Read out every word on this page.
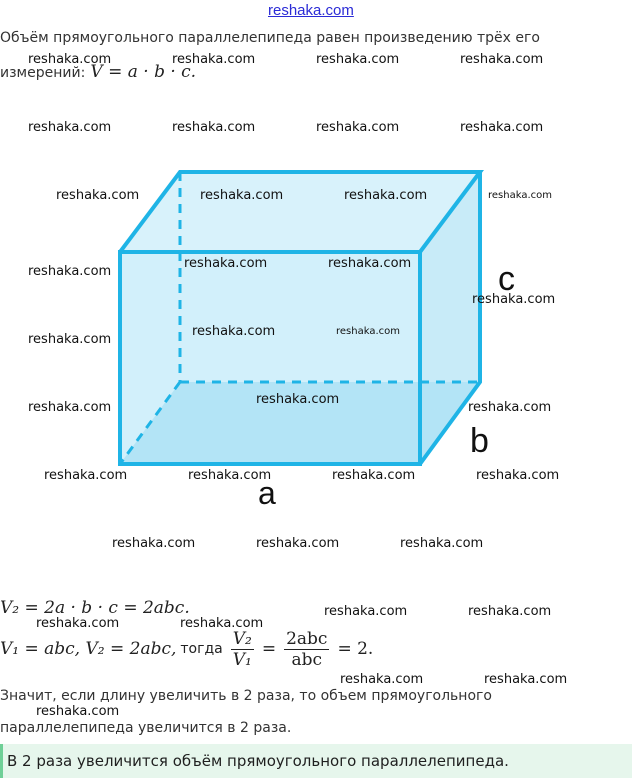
reshaka.com
Объём прямоугольного параллелепипеда равен произведению трёх его
измерений: V = a · b · c.
a
b
c
V₂ = 2a · b · c = 2abc.
V₁ = abc, V₂ = 2abc, тогда $\frac{\text{V₂}}{\text{V₁}} = \frac{\text{2abc}}{\text{abc}} = 2$.
Значит, если длину увеличить в 2 раза, то объем прямоугольного
параллелепипеда увеличится в 2 раза.
В 2 раза увеличится объём прямоугольного параллелепипеда.
reshaka.com	reshaka.com	reshaka.com	reshaka.com
reshaka.com	reshaka.com	reshaka.com	reshaka.com
reshaka.com	reshaka.com	reshaka.com	reshaka.com
reshaka.com
reshaka.com	reshaka.com
reshaka.com
reshaka.com
reshaka.com	reshaka.com
reshaka.com
reshaka.com
reshaka.com
reshaka.com	reshaka.com	reshaka.com	reshaka.com
reshaka.com	reshaka.com	reshaka.com
reshaka.com	reshaka.com
reshaka.com	reshaka.com
reshaka.com	reshaka.com
reshaka.com
